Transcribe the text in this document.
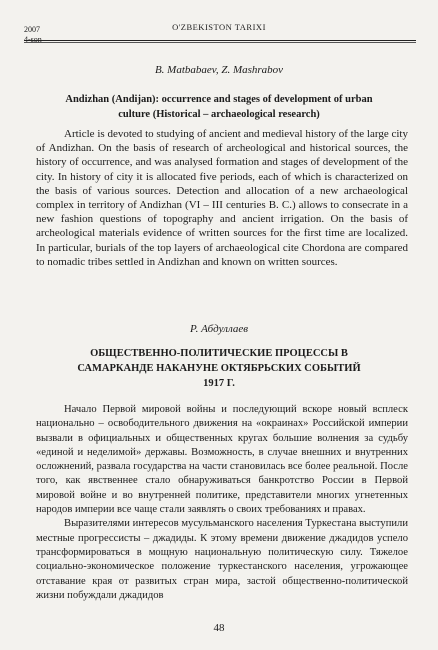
2007
4-son
O'ZBEKISTON TARIXI
B. Matbabaev, Z. Mashrabov
Andizhan (Andijan): occurrence and stages of development of urban culture (Historical – archaeological research)

Article is devoted to studying of ancient and medieval history of the large city of Andizhan. On the basis of research of archeological and historical sources, the history of occurrence, and was analysed formation and stages of development of the city. In history of city it is allocated five periods, each of which is characterized on the basis of various sources. Detection and allocation of a new archaeological complex in territory of Andizhan (VI – III centuries B. C.) allows to consecrate in a new fashion questions of topography and ancient irrigation. On the basis of archeological materials evidence of written sources for the first time are localized. In particular, burials of the top layers of archaeological cite Chordona are compared to nomadic tribes settled in Andizhan and known on written sources.

Р. Абдуллаев
ОБЩЕСТВЕННО-ПОЛИТИЧЕСКИЕ ПРОЦЕССЫ В САМАРКАНДЕ НАКАНУНЕ ОКТЯБРЬСКИХ СОБЫТИЙ 1917 Г.

Начало Первой мировой войны и последующий вскоре новый всплеск национально – освободительного движения на «окраинах» Российской империи вызвали в официальных и общественных кругах большие волнения за судьбу «единой и неделимой» державы. Возможность, в случае внешних и внутренних осложнений, развала государства на части становилась все более реальной. После того, как явственнее стало обнаруживаться банкротство России в Первой мировой войне и во внутренней политике, представители многих угнетенных народов империи все чаще стали заявлять о своих требованиях и правах.

Выразителями интересов мусульманского населения Туркестана выступили местные прогрессисты – джадиды. К этому времени движение джадидов успело трансформироваться в мощную национальную политическую силу. Тяжелое социально-экономическое положение туркестанского населения, угрожающее отставание края от развитых стран мира, застой общественно-политической жизни побуждали джадидов

48
